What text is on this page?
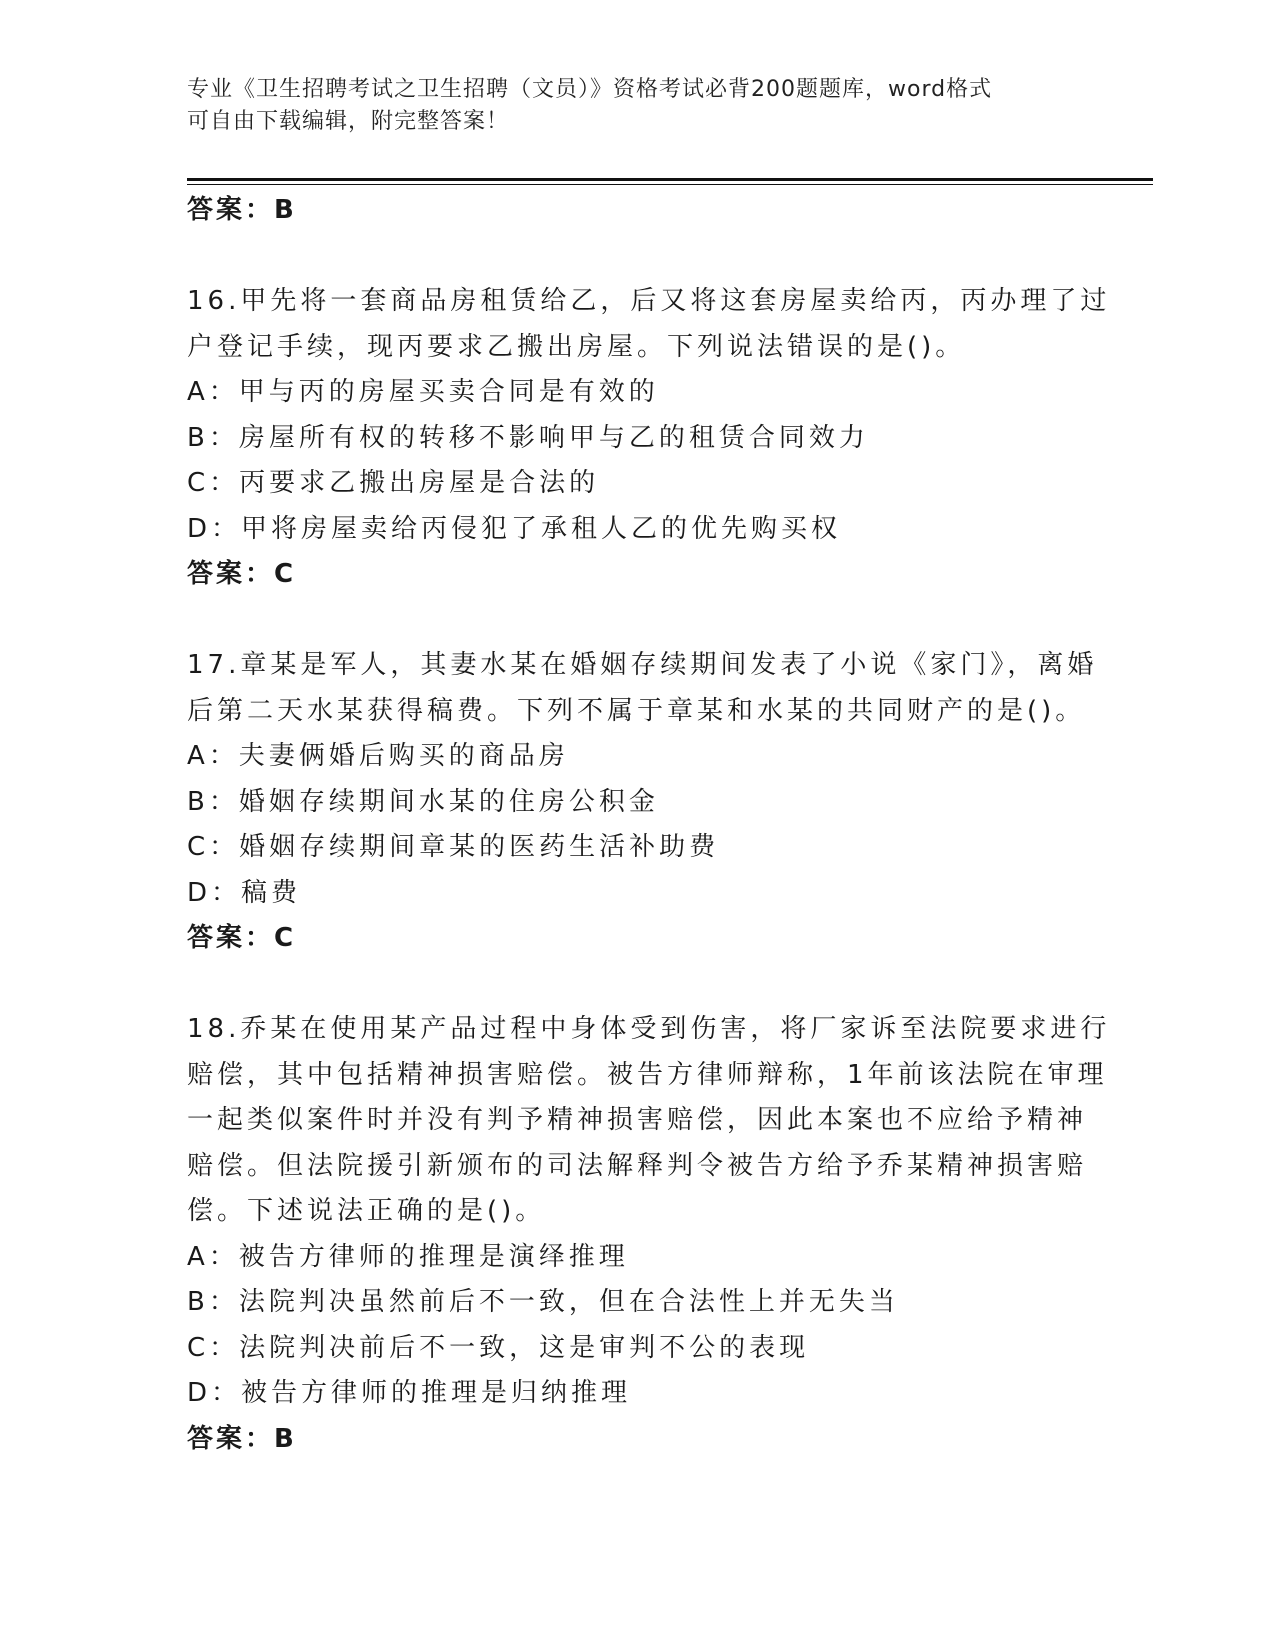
专业《卫生招聘考试之卫生招聘（文员）》资格考试必背200题题库，word格式

可自由下载编辑，附完整答案！

答案：B
16.甲先将一套商品房租赁给乙，后又将这套房屋卖给丙，丙办理了过
户登记手续，现丙要求乙搬出房屋。下列说法错误的是()。
A：甲与丙的房屋买卖合同是有效的
B：房屋所有权的转移不影响甲与乙的租赁合同效力
C：丙要求乙搬出房屋是合法的
D：甲将房屋卖给丙侵犯了承租人乙的优先购买权
答案：C
17.章某是军人，其妻水某在婚姻存续期间发表了小说《家门》，离婚
后第二天水某获得稿费。下列不属于章某和水某的共同财产的是()。
A：夫妻俩婚后购买的商品房
B：婚姻存续期间水某的住房公积金
C：婚姻存续期间章某的医药生活补助费
D：稿费
答案：C
18.乔某在使用某产品过程中身体受到伤害，将厂家诉至法院要求进行
赔偿，其中包括精神损害赔偿。被告方律师辩称，1年前该法院在审理
一起类似案件时并没有判予精神损害赔偿，因此本案也不应给予精神
赔偿。但法院援引新颁布的司法解释判令被告方给予乔某精神损害赔
偿。下述说法正确的是()。
A：被告方律师的推理是演绎推理
B：法院判决虽然前后不一致，但在合法性上并无失当
C：法院判决前后不一致，这是审判不公的表现
D：被告方律师的推理是归纳推理
答案：B
